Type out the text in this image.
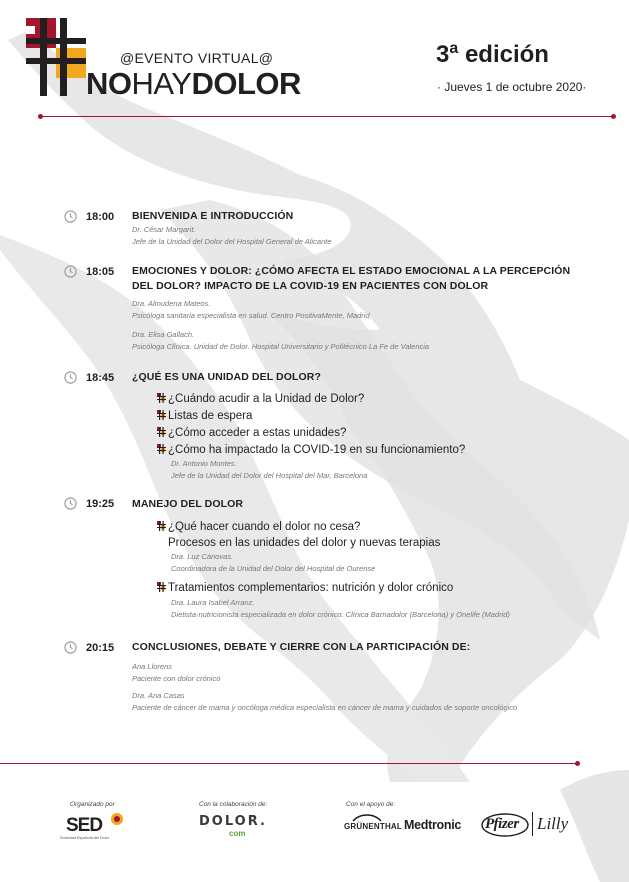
@EVENTO VIRTUAL@
NOHAYDOLOR
3$^a$ edición
· Jueves 1 de octubre 2020·
18:00 BIENVENIDA E INTRODUCCIÓN
Dr. César Margarit.
Jefe de la Unidad del Dolor del Hospital General de Alicante
18:05 EMOCIONES Y DOLOR: ¿CÓMO AFECTA EL ESTADO EMOCIONAL A LA PERCEPCIÓN
DEL DOLOR? IMPACTO DE LA COVID-19 EN PACIENTES CON DOLOR
Dra. Almudena Mateos.
Psicóloga sanitaria especialista en salud. Centro PositivaMente, Madrid
Dra. Elisa Gallach.
Psicóloga Clínica. Unidad de Dolor. Hospital Universitario y Politécnico La Fe de Valencia
18:45 ¿QUÉ ES UNA UNIDAD DEL DOLOR?
¿Cuándo acudir a la Unidad de Dolor?
Listas de espera
¿Cómo acceder a estas unidades?
¿Cómo ha impactado la COVID-19 en su funcionamiento?
Dr. Antonio Montes.
Jefe de la Unidad del Dolor del Hospital del Mar, Barcelona
19:25 MANEJO DEL DOLOR
¿Qué hacer cuando el dolor no cesa?
Procesos en las unidades del dolor y nuevas terapias
Dra. Luz Cánovas.
Coordinadora de la Unidad del Dolor del Hospital de Ourense
Tratamientos complementarios: nutrición y dolor crónico
Dra. Laura Isabel Arranz.
Dietista-nutricionista especializada en dolor crónico. Clínica Barnadolor (Barcelona) y Onelife (Madrid)
20:15 CONCLUSIONES, DEBATE Y CIERRE CON LA PARTICIPACIÓN DE:
Ana Llorens
Paciente con dolor crónico
Dra. Ana Casas
Paciente de cáncer de mama y oncóloga médica especialista en cáncer de mama y cuidados de soporte oncológico
Organizado por
SED
Sociedad Española del Dolor
Con la colaboración de:
DOLOR.
com
Con el apoyo de:
GRÜNENTHAL Medtronic Pfizer Lilly
